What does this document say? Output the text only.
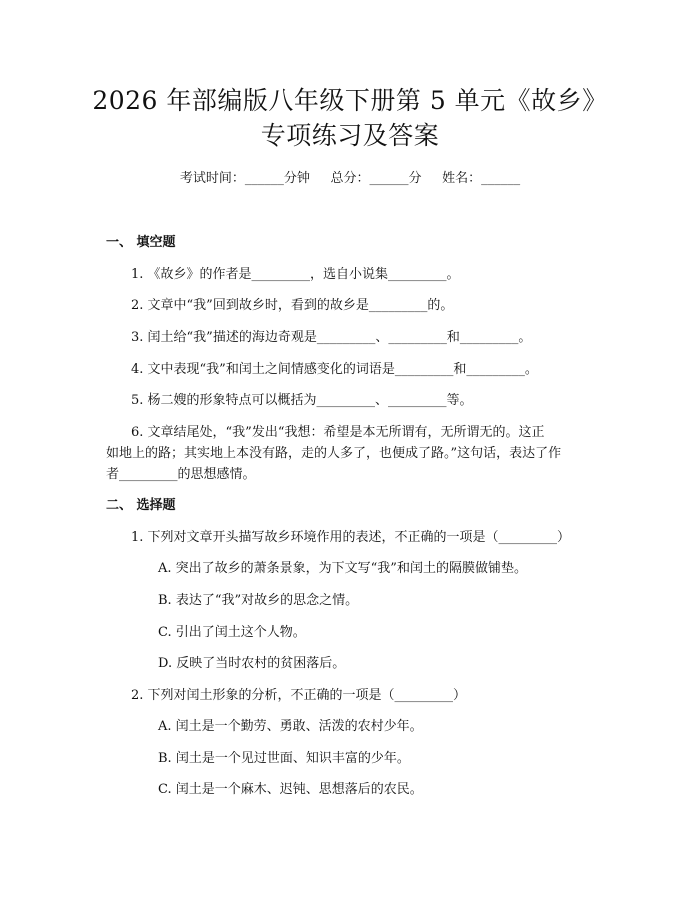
2026 年部编版八年级下册第 5 单元《故乡》
专项练习及答案
考试时间：______分钟     总分：______分     姓名：______
一、 填空题
1. 《故乡》的作者是_________，选自小说集_________。
2. 文章中“我”回到故乡时，看到的故乡是_________的。
3. 闰土给“我”描述的海边奇观是_________、_________和_________。
4. 文中表现“我”和闰土之间情感变化的词语是_________和_________。
5. 杨二嫂的形象特点可以概括为_________、_________等。
6. 文章结尾处，“我”发出“我想：希望是本无所谓有，无所谓无的。这正
如地上的路；其实地上本没有路，走的人多了，也便成了路。”这句话，表达了作
者_________的思想感情。
二、 选择题
1. 下列对文章开头描写故乡环境作用的表述，不正确的一项是（_________）
A. 突出了故乡的萧条景象，为下文写“我”和闰土的隔膜做铺垫。
B. 表达了“我”对故乡的思念之情。
C. 引出了闰土这个人物。
D. 反映了当时农村的贫困落后。
2. 下列对闰土形象的分析，不正确的一项是（_________）
A. 闰土是一个勤劳、勇敢、活泼的农村少年。
B. 闰土是一个见过世面、知识丰富的少年。
C. 闰土是一个麻木、迟钝、思想落后的农民。
